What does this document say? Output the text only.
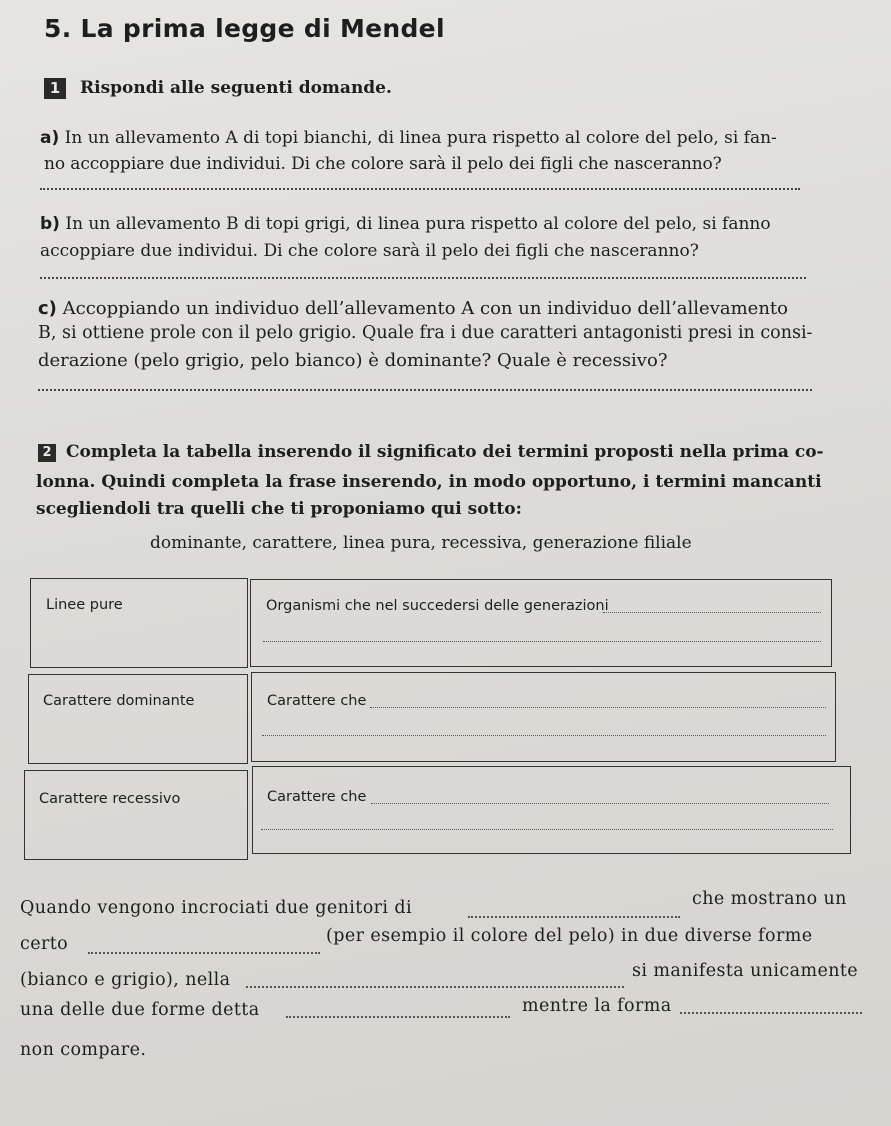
5. La prima legge di Mendel
1 Rispondi alle seguenti domande.
a) In un allevamento A di topi bianchi, di linea pura rispetto al colore del pelo, si fan-
no accoppiare due individui. Di che colore sarà il pelo dei figli che nasceranno?
b) In un allevamento B di topi grigi, di linea pura rispetto al colore del pelo, si fanno
accoppiare due individui. Di che colore sarà il pelo dei figli che nasceranno?
c) Accoppiando un individuo dell’allevamento A con un individuo dell’allevamento
B, si ottiene prole con il pelo grigio. Quale fra i due caratteri antagonisti presi in consi-
derazione (pelo grigio, pelo bianco) è dominante? Quale è recessivo?
2 Completa la tabella inserendo il significato dei termini proposti nella prima co-
lonna. Quindi completa la frase inserendo, in modo opportuno, i termini mancanti
scegliendoli tra quelli che ti proponiamo qui sotto:
dominante, carattere, linea pura, recessiva, generazione filiale
Linee pure	Organismi che nel succedersi delle generazioni
Carattere dominante	Carattere che
Carattere recessivo	Carattere che
Quando vengono incrociati due genitori di	che mostrano un
certo	(per esempio il colore del pelo) in due diverse forme
(bianco e grigio), nella	si manifesta unicamente
una delle due forme detta	mentre la forma
non compare.
